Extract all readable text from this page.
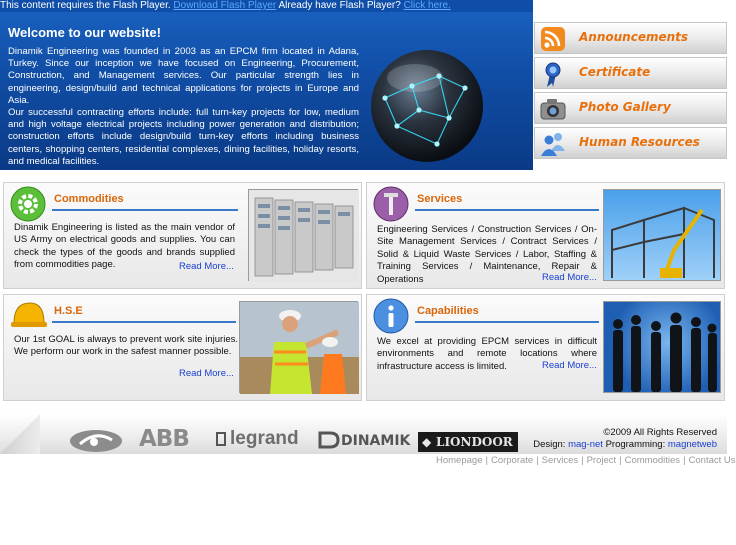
This content requires the Flash Player. Download Flash Player Already have Flash Player? Click here.
Welcome to our website!

Dinamik Engineering was founded in 2003 as an EPCM firm located in Adana, Turkey. Since our inception we have focused on Engineering, Procurement, Construction, and Management services. Our particular strength lies in engineering, design/build and technical applications for projects in Europe and Asia.

Our successful contracting efforts include: full turn-key projects for low, medium and high voltage electrical projects including power generation and distribution; construction efforts include design/build turn-key efforts including business centers, shopping centers, residential complexes, dining facilities, holiday resorts, and medical facilities.

Announcements
Certificate
Photo Gallery
Human Resources
Commodities
Dinamik Engineering is listed as the main vendor of US Army on electrical goods and supplies. You can check the types of the goods and brands supplied from commodities page.	Read More...
Services
Engineering Services / Construction Services / On-Site Management Services / Contract Services / Solid & Liquid Waste Services / Labor, Staffing & Training Services / Maintenance, Repair & Operations	Read More...
H.S.E
Our 1st GOAL is always to prevent work site injuries. We perform our work in the safest manner possible.
Read More...
Capabilities
We excel at providing EPCM services in difficult environments and remote locations where infrastructure access is limited.	Read More...
ABB legrand	DINAMIK LIONDOOR
◆
©2009 All Rights Reserved
Design: mag-net Programming: magnetweb
Homepage | Corporate | Services | Project | Commodities | Contact Us
